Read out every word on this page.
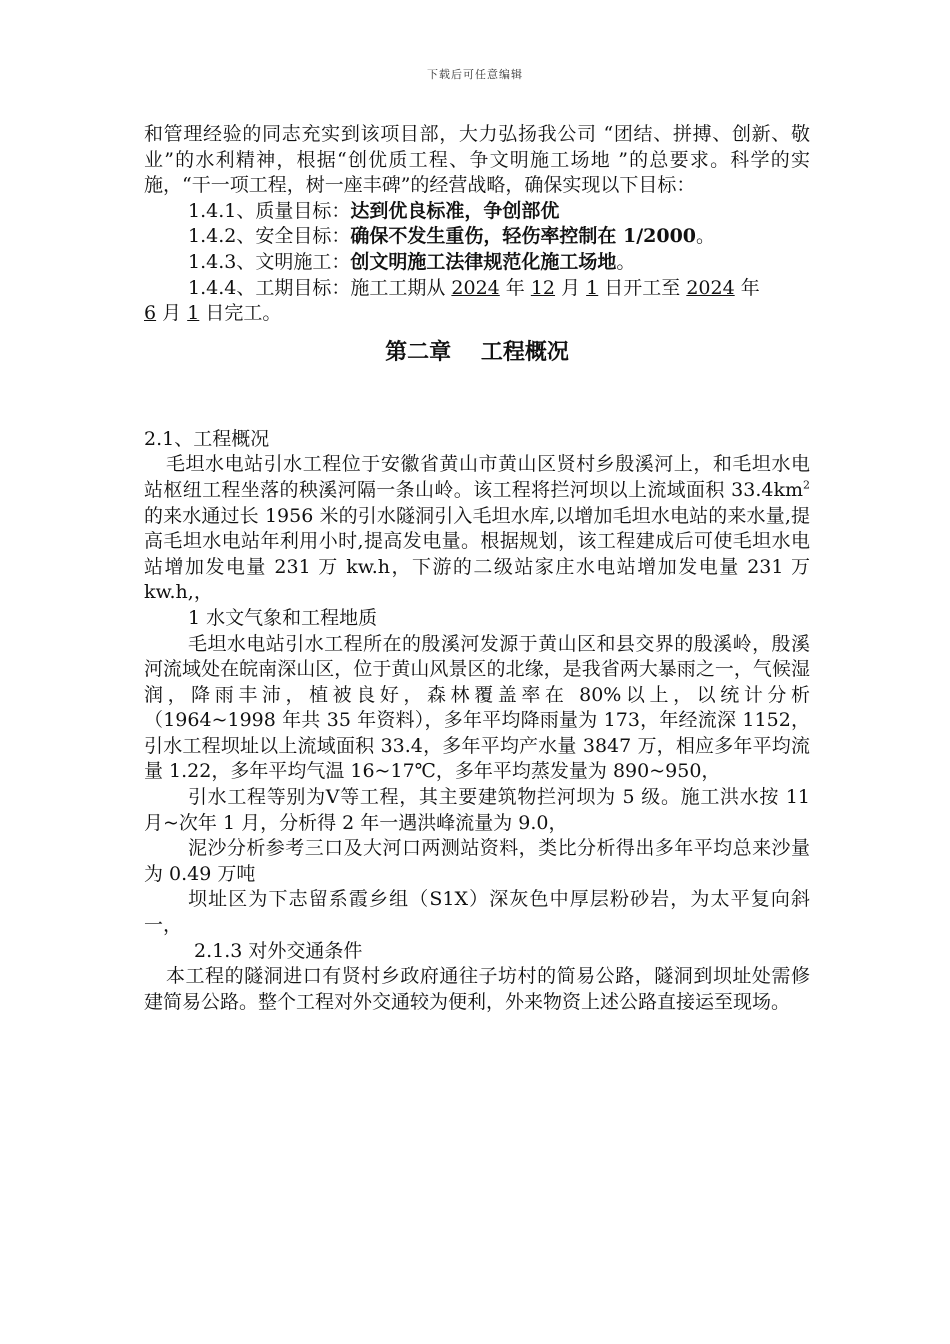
下载后可任意编辑

和管理经验的同志充实到该项目部，大力弘扬我公司 “团结、拼搏、创新、敬业”的水利精神，根据“创优质工程、争文明施工场地 ”的总要求。科学的实施，“干一项工程，树一座丰碑”的经营战略，确保实现以下目标：

1.4.1、质量目标：达到优良标准，争创部优

1.4.2、安全目标：确保不发生重伤，轻伤率控制在 1/2000。

1.4.3、文明施工：创文明施工法律规范化施工场地。

1.4.4、工期目标：施工工期从 2024 年 12 月 1 日开工至 2024 年

6 月 1 日完工。

第二章　 工程概况

2.1、工程概况

毛坦水电站引水工程位于安徽省黄山市黄山区贤村乡殷溪河上，和毛坦水电站枢纽工程坐落的秧溪河隔一条山岭。该工程将拦河坝以上流域面积 $33.4km^2$ 的来水通过长 1956 米的引水隧洞引入毛坦水库,以增加毛坦水电站的来水量,提高毛坦水电站年利用小时,提高发电量。根据规划，该工程建成后可使毛坦水电站增加发电量 231 万 kw.h，下游的二级站家庄水电站增加发电量 231 万 kw.h,，

1 水文气象和工程地质

毛坦水电站引水工程所在的殷溪河发源于黄山区和县交界的殷溪岭，殷溪河流域处在皖南深山区，位于黄山风景区的北缘，是我省两大暴雨之一，气候湿润，降雨丰沛，植被良好，森林覆盖率在 80%以上，以统计分析（1964~1998 年共 35 年资料），多年平均降雨量为 173，年经流深 1152，引水工程坝址以上流域面积 33.4，多年平均产水量 3847 万，相应多年平均流量 1.22，多年平均气温 16~17℃，多年平均蒸发量为 890~950，

引水工程等别为Ⅴ等工程，其主要建筑物拦河坝为 5 级。施工洪水按 11 月~次年 1 月，分析得 2 年一遇洪峰流量为 9.0，

泥沙分析参考三口及大河口两测站资料，类比分析得出多年平均总来沙量为 0.49 万吨

坝址区为下志留系霞乡组（S1X）深灰色中厚层粉砂岩，为太平复向斜一，

2.1.3 对外交通条件

本工程的隧洞进口有贤村乡政府通往子坊村的简易公路，隧洞到坝址处需修建简易公路。整个工程对外交通较为便利，外来物资上述公路直接运至现场。
